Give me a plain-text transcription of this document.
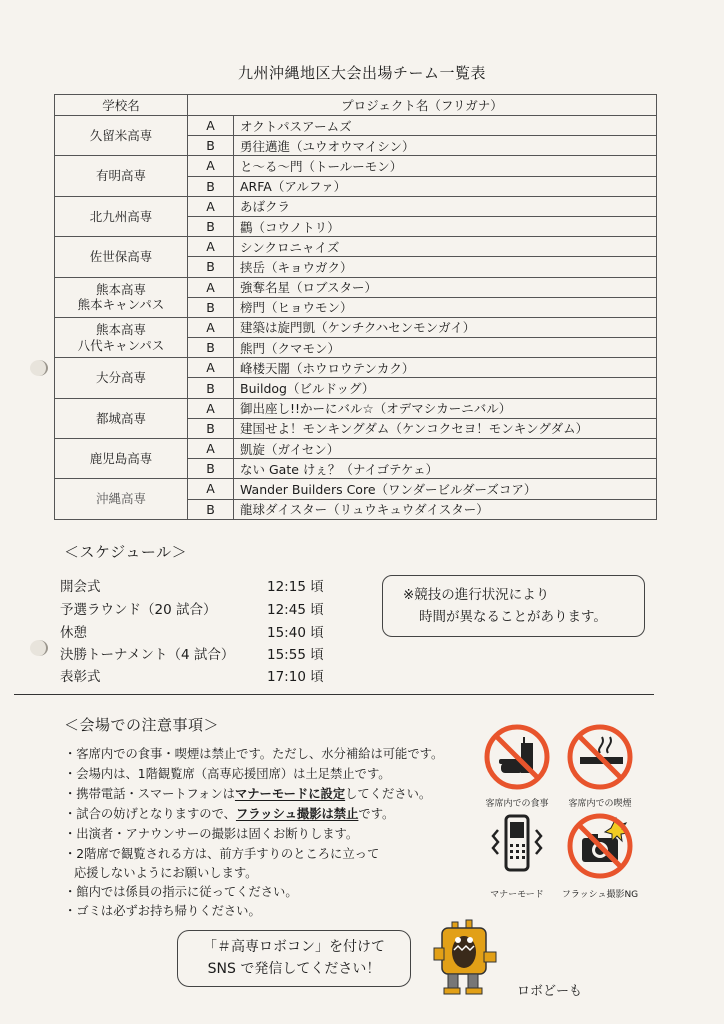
九州沖縄地区大会出場チーム一覧表
学校名	プロジェクト名（フリガナ）	
久留米高専	A	オクトパスアームズ
	B	勇往邁進（ユウオウマイシン）
有明高専	A	と～る～門（トールーモン）
	B	ARFA（アルファ）
北九州高専	A	あばクラ
	B	鸛（コウノトリ）
佐世保高専	A	シンクロニャイズ
	B	挟岳（キョウガク）

熊本高専
熊本キャンパス	A	強奪名星（ロブスター）
	B	榜門（ヒョウモン）

熊本高専
八代キャンパス	A	建築は旋門凱（ケンチクハセンモンガイ）
	B	熊門（クマモン）
大分高専	A	峰楼天闇（ホウロウテンカク）
	B	Buildog（ビルドッグ）
都城高専	A	御出座し!!かーにバル☆（オデマシカーニバル）
	B	建国せよ！モンキングダム（ケンコクセヨ！モンキングダム）
鹿児島高専	A	凱旋（ガイセン）
	B	ない Gate けぇ？（ナイゴテケェ）
沖縄高専	A	Wander Builders Core（ワンダービルダーズコア）
	B	龍球ダイスター（リュウキュウダイスター）
＜スケジュール＞
開会式	12:15 頃
予選ラウンド（20 試合）	12:45 頃
休憩	15:40 頃
決勝トーナメント（4 試合） 15:55 頃
表彰式	17:10 頃
※競技の進行状況により
時間が異なることがあります。
＜会場での注意事項＞
・客席内での食事・喫煙は禁止です。ただし、水分補給は可能です。
・会場内は、1階観覧席（高専応援団席）は土足禁止です。
・携帯電話・スマートフォンはマナーモードに設定してください。
・試合の妨げとなりますので、フラッシュ撮影は禁止です。
・出演者・アナウンサーの撮影は固くお断りします。
・2階席で観覧される方は、前方手すりのところに立って
応援しないようにお願いします。
・館内では係員の指示に従ってください。
・ゴミは必ずお持ち帰りください。
客席内での食事	客席内での喫煙
マナーモード	フラッシュ撮影NG
「＃高専ロボコン」を付けて
SNS で発信してください！
ロボどーも
